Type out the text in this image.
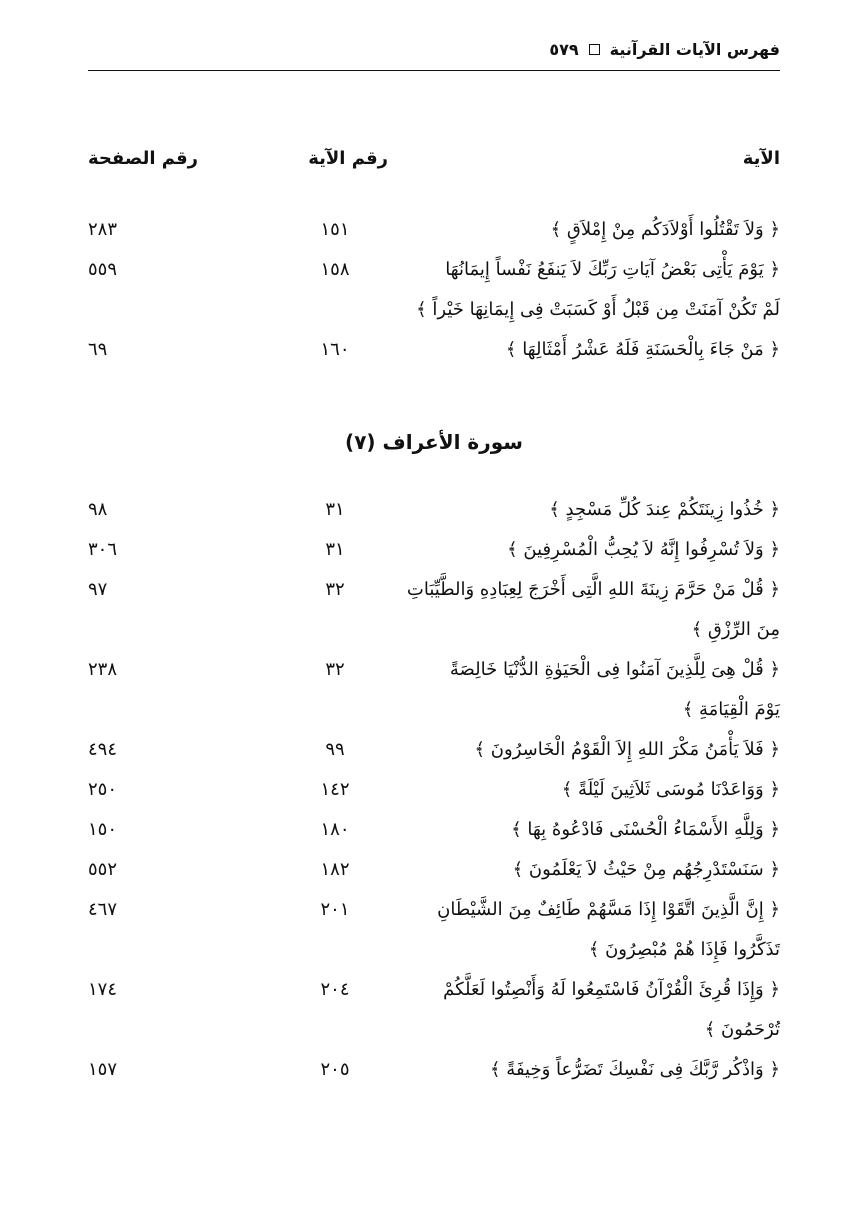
فهرس الآيات القرآنية
٥٧٩
الآية
رقم الآية
رقم الصفحة
﴿ وَلاَ تَقْتُلُوا أَوْلاَدَكُم مِنْ إِمْلاَقٍ ﴾
١٥١
٢٨٣
﴿ يَوْمَ يَأْتِى بَعْضُ آيَاتِ رَبِّكَ لاَ يَنفَعُ نَفْساً إِيمَانُهَا
لَمْ تَكُنْ آمَنَتْ مِن قَبْلُ أَوْ كَسَبَتْ فِى إِيمَانِهَا خَيْراً ﴾
١٥٨
٥٥٩
﴿ مَنْ جَاءَ بِالْحَسَنَةِ فَلَهُ عَشْرُ أَمْثَالِهَا ﴾
١٦٠
٦٩
سورة الأعراف (٧)
﴿ خُذُوا زِينَتَكُمْ عِندَ كُلِّ مَسْجِدٍ ﴾
٣١
٩٨
﴿ وَلاَ تُسْرِفُوا إِنَّهُ لاَ يُحِبُّ الْمُسْرِفِينَ ﴾
٣١
٣٠٦
﴿ قُلْ مَنْ حَرَّمَ زِينَةَ اللهِ الَّتِى أَخْرَجَ لِعِبَادِهِ وَالطَّيِّبَاتِ
مِنَ الرِّزْقِ ﴾
٣٢
٩٧
﴿ قُلْ هِىَ لِلَّذِينَ آمَنُوا فِى الْحَيَوٰةِ الدُّنْيَا خَالِصَةً
يَوْمَ الْقِيَامَةِ ﴾
٣٢
٢٣٨
﴿ فَلاَ يَأْمَنُ مَكْرَ اللهِ إِلاَ الْقَوْمُ الْخَاسِرُونَ ﴾
٩٩
٤٩٤
﴿ وَوَاعَدْنَا مُوسَى ثَلاَثِينَ لَيْلَةً ﴾
١٤٢
٢٥٠
﴿ وَلِلَّهِ الأَسْمَاءُ الْحُسْنَى فَادْعُوهُ بِهَا ﴾
١٨٠
١٥٠
﴿ سَنَسْتَدْرِجُهُم مِنْ حَيْثُ لاَ يَعْلَمُونَ ﴾
١٨٢
٥٥٢
﴿ إِنَّ الَّذِينَ اتَّقَوْا إِذَا مَسَّهُمْ طَائِفٌ مِنَ الشَّيْطَانِ
تَذَكَّرُوا فَإِذَا هُمْ مُبْصِرُونَ ﴾
٢٠١
٤٦٧
﴿ وَإِذَا قُرِئَ الْقُرْآنُ فَاسْتَمِعُوا لَهُ وَأَنْصِتُوا لَعَلَّكُمْ
تُرْحَمُونَ ﴾
٢٠٤
١٧٤
﴿ وَاذْكُر رَّبَّكَ فِى نَفْسِكَ تَضَرُّعاً وَخِيفَةً ﴾
٢٠٥
١٥٧
